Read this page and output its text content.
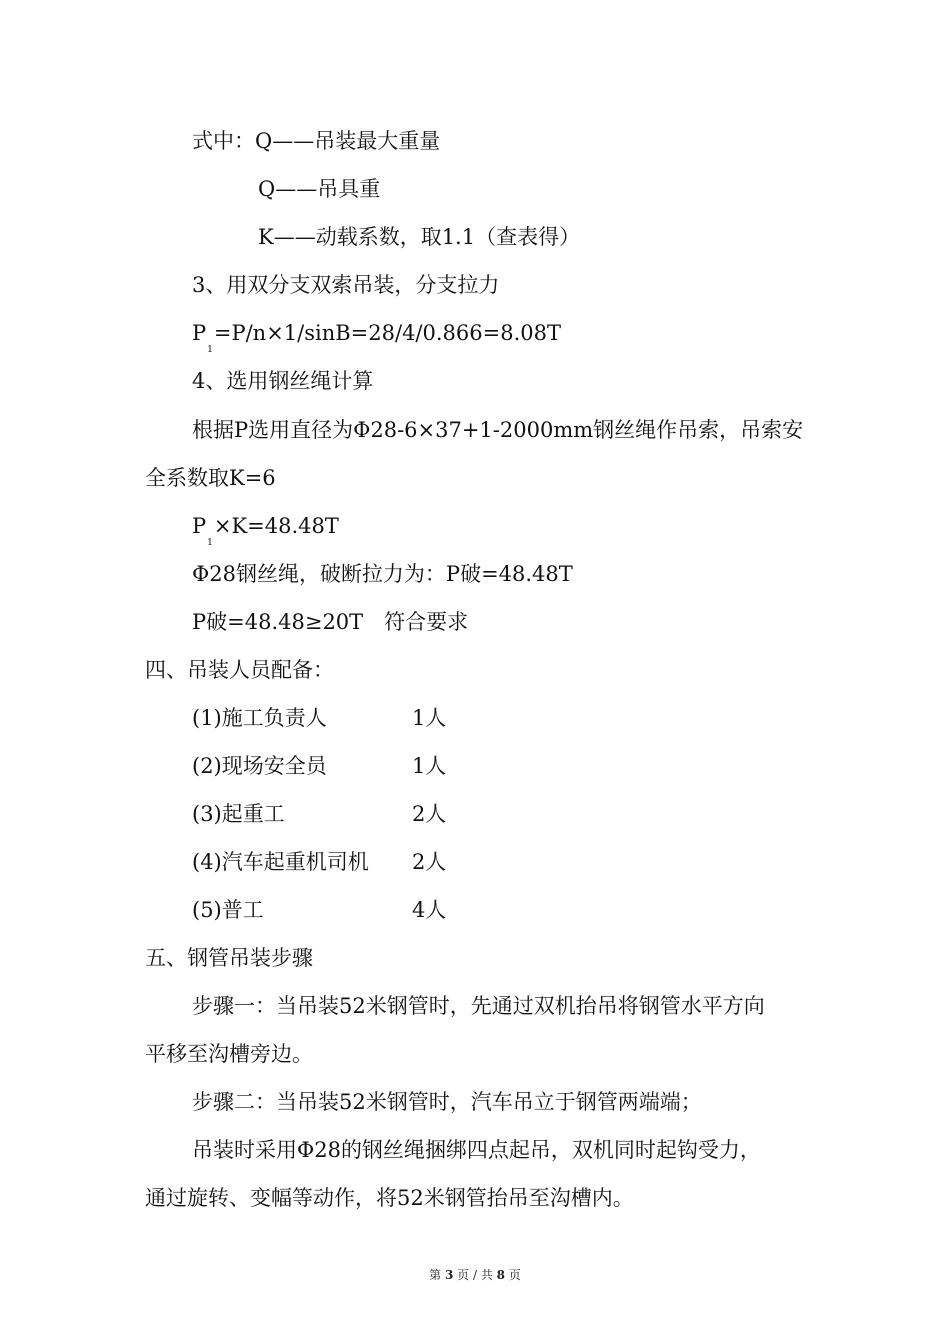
式中：Q——吊装最大重量
Q——吊具重
K——动载系数，取1.1（查表得）
3、用双分支双索吊装，分支拉力
$P_1=P/n\times 1/\sin B=28/4/0.866=8.08T$
4、选用钢丝绳计算
根据P选用直径为Φ28-6×37+1-2000mm钢丝绳作吊索，吊索安
全系数取K=6
$P_1\times K=48.48T$
Φ28钢丝绳，破断拉力为：P破=48.48T
P破=48.48≥20T　符合要求
四、吊装人员配备：
(1)施工负责人	1人
(2)现场安全员	1人
(3)起重工	2人
(4)汽车起重机司机 2人
(5)普工	4人
五、钢管吊装步骤
步骤一：当吊装52米钢管时，先通过双机抬吊将钢管水平方向
平移至沟槽旁边。
步骤二：当吊装52米钢管时，汽车吊立于钢管两端端；
吊装时采用Φ28的钢丝绳捆绑四点起吊，双机同时起钩受力，
通过旋转、变幅等动作，将52米钢管抬吊至沟槽内。
第 3 页 / 共 8 页
